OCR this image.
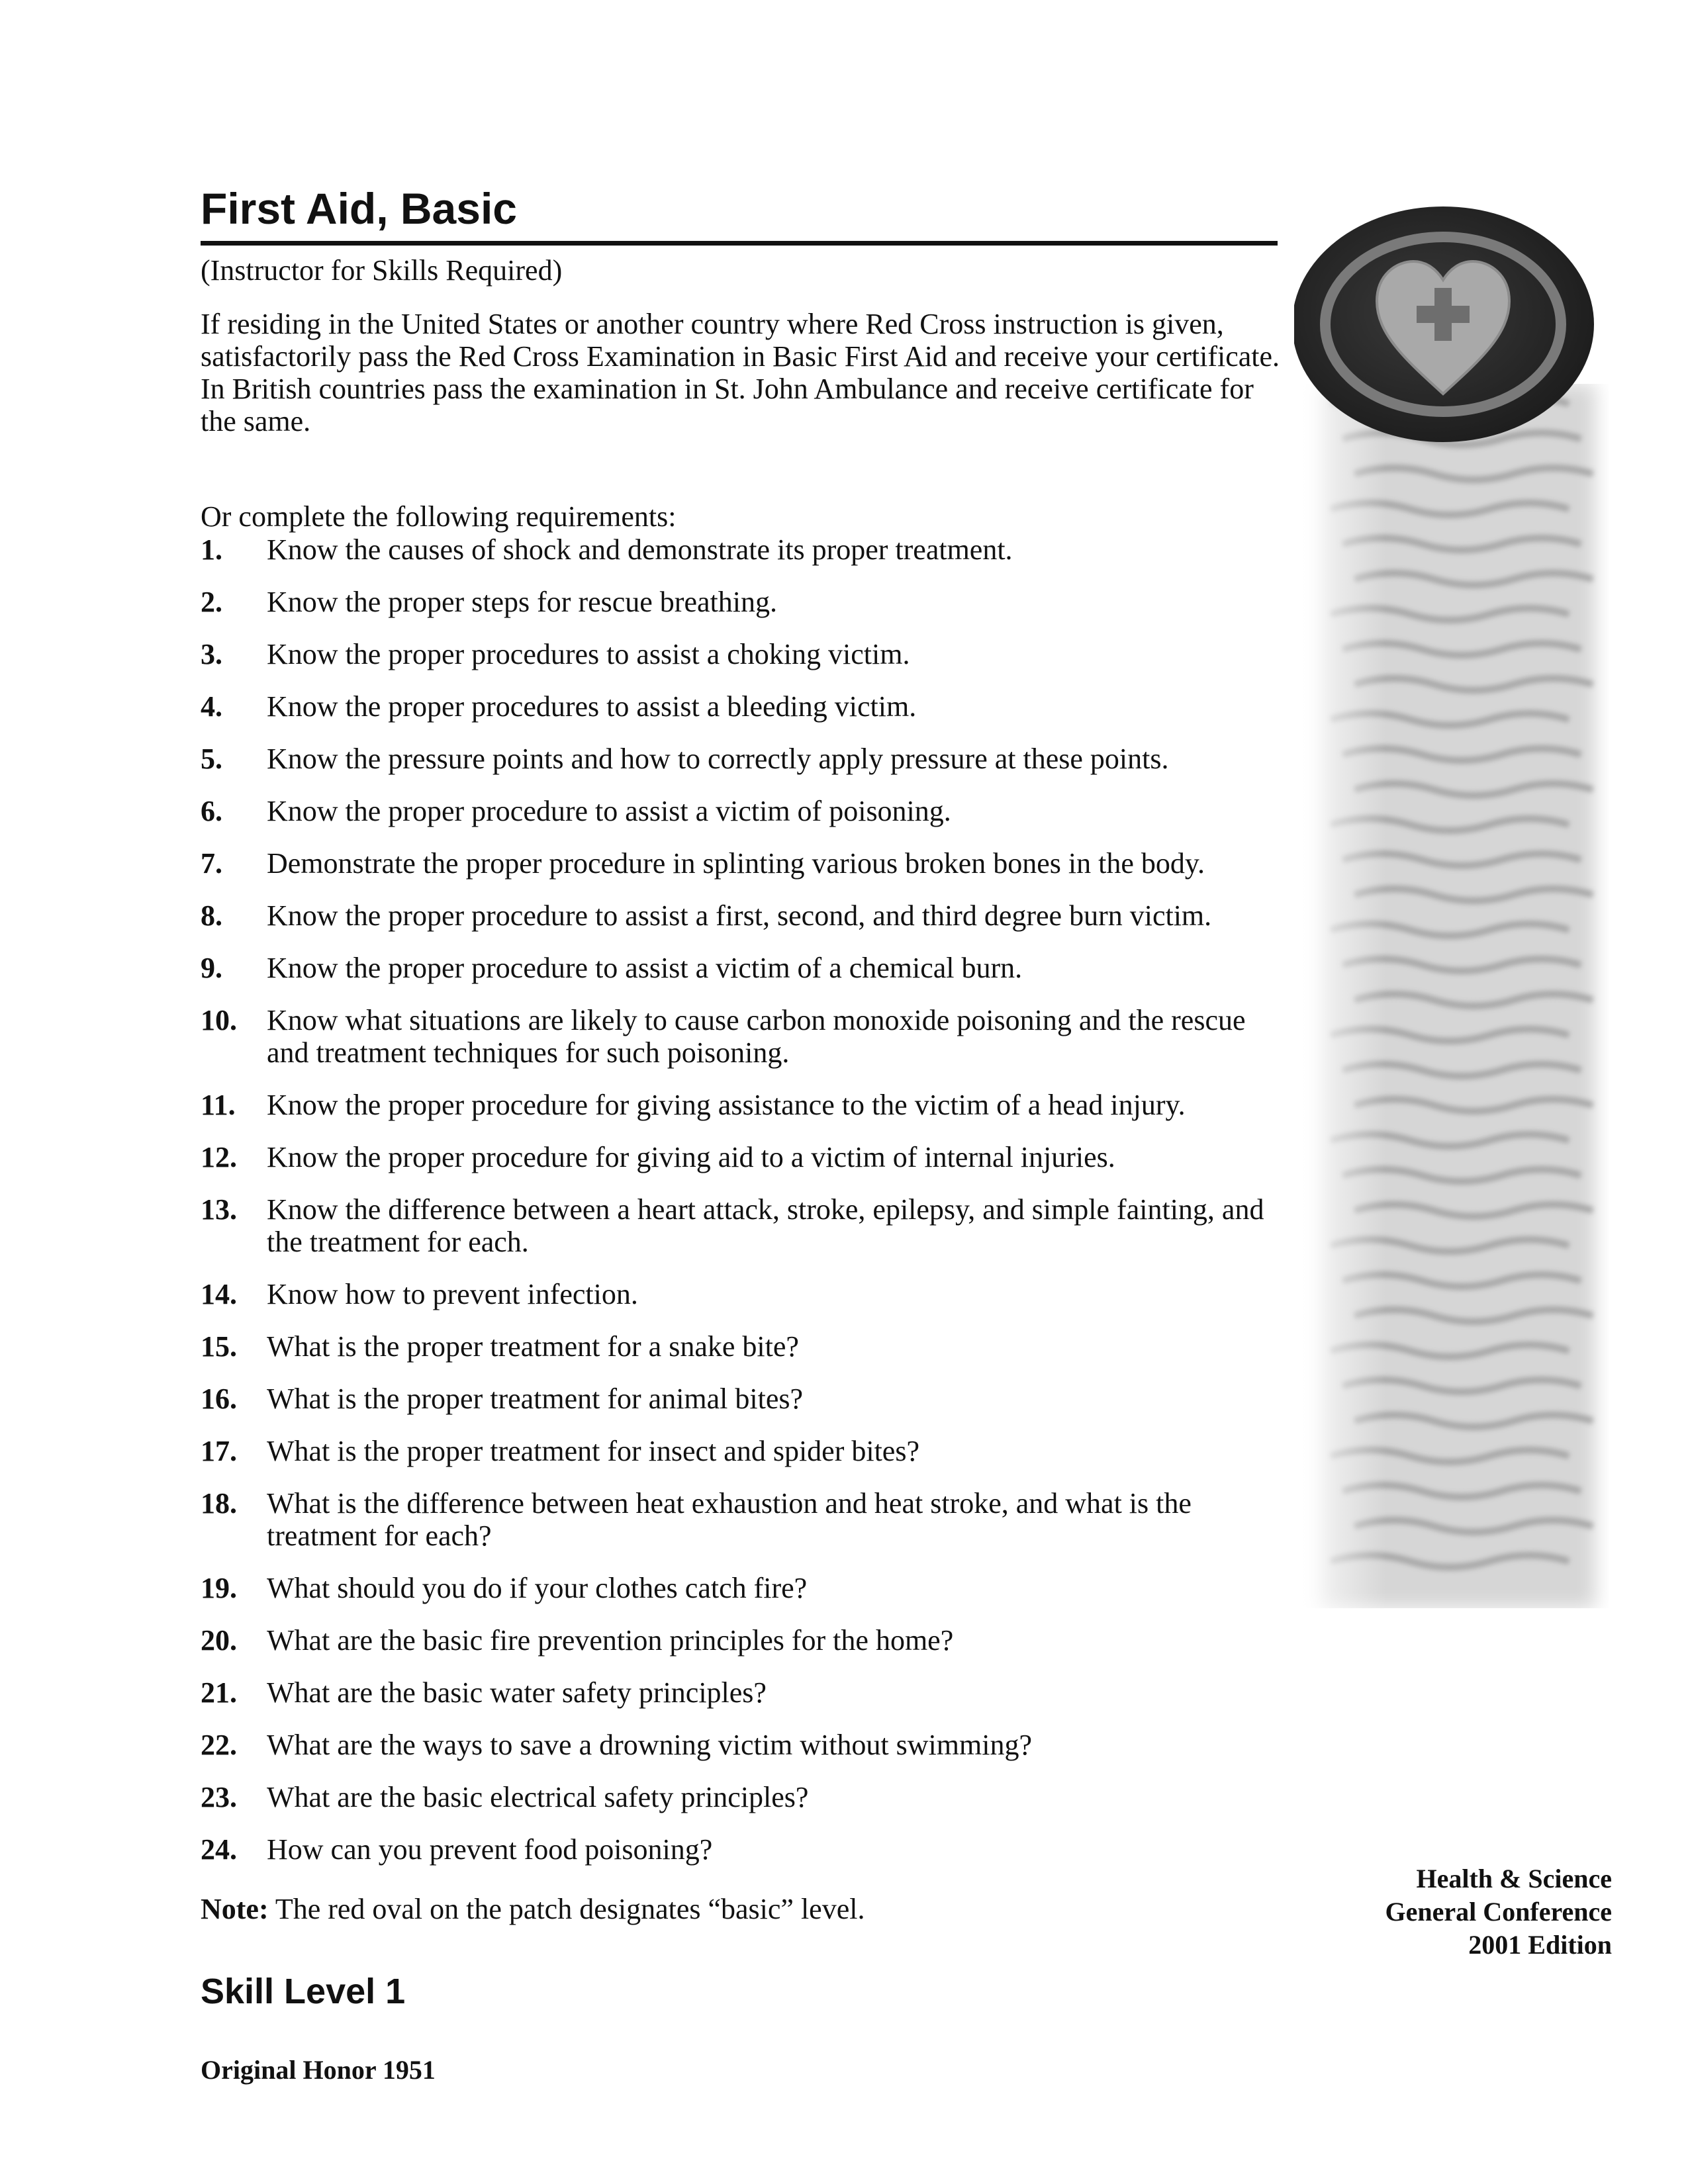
First Aid, Basic
(Instructor for Skills Required)

If residing in the United States or another country where Red Cross instruction is given, satisfactorily pass the Red Cross Examination in Basic First Aid and receive your certificate.

In British countries pass the examination in St. John Ambulance and receive certificate for the same.

Or complete the following requirements:
1.	Know the causes of shock and demonstrate its proper treatment.
2.	Know the proper steps for rescue breathing.
3.	Know the proper procedures to assist a choking victim.
4.	Know the proper procedures to assist a bleeding victim.
5.	Know the pressure points and how to correctly apply pressure at these points.
6.	Know the proper procedure to assist a victim of poisoning.
7.	Demonstrate the proper procedure in splinting various broken bones in the body.
8.	Know the proper procedure to assist a first, second, and third degree burn victim.
9.	Know the proper procedure to assist a victim of a chemical burn.
10.	Know what situations are likely to cause carbon monoxide poisoning and the rescue and treatment techniques for such poisoning.
11.	Know the proper procedure for giving assistance to the victim of a head injury.
12.	Know the proper procedure for giving aid to a victim of internal injuries.
13.	Know the difference between a heart attack, stroke, epilepsy, and simple fainting, and the treatment for each.
14.	Know how to prevent infection.
15.	What is the proper treatment for a snake bite?
16.	What is the proper treatment for animal bites?
17.	What is the proper treatment for insect and spider bites?
18.	What is the difference between heat exhaustion and heat stroke, and what is the treatment for each?
19.	What should you do if your clothes catch fire?
20.	What are the basic fire prevention principles for the home?
21.	What are the basic water safety principles?
22.	What are the ways to save a drowning victim without swimming?
23.	What are the basic electrical safety principles?
24.	How can you prevent food poisoning?
Note: The red oval on the patch designates “basic” level.
Skill Level 1
Original Honor 1951
Health & Science
General Conference
2001 Edition
